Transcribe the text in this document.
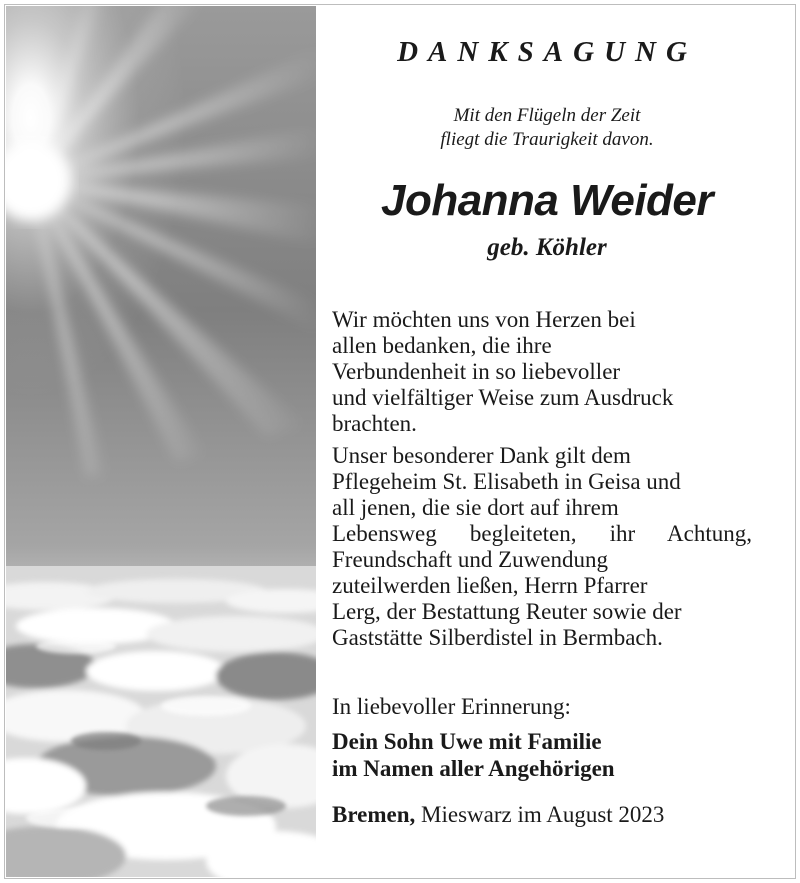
DANKSAGUNG
Mit den Flügeln der Zeit
fliegt die Traurigkeit davon.
Johanna Weider
geb. Köhler
Wir möchten uns von Herzen bei
allen bedanken, die ihre
Verbundenheit in so liebevoller
und vielfältiger Weise zum Ausdruck
brachten.
Unser besonderer Dank gilt dem
Pflegeheim St. Elisabeth in Geisa und
all jenen, die sie dort auf ihrem
Lebensweg begleiteten, ihr Achtung,
Freundschaft und Zuwendung
zuteilwerden ließen, Herrn Pfarrer
Lerg, der Bestattung Reuter sowie der
Gaststätte Silberdistel in Bermbach.
In liebevoller Erinnerung:
Dein Sohn Uwe mit Familie
im Namen aller Angehörigen
Bremen, Mieswarz im August 2023
